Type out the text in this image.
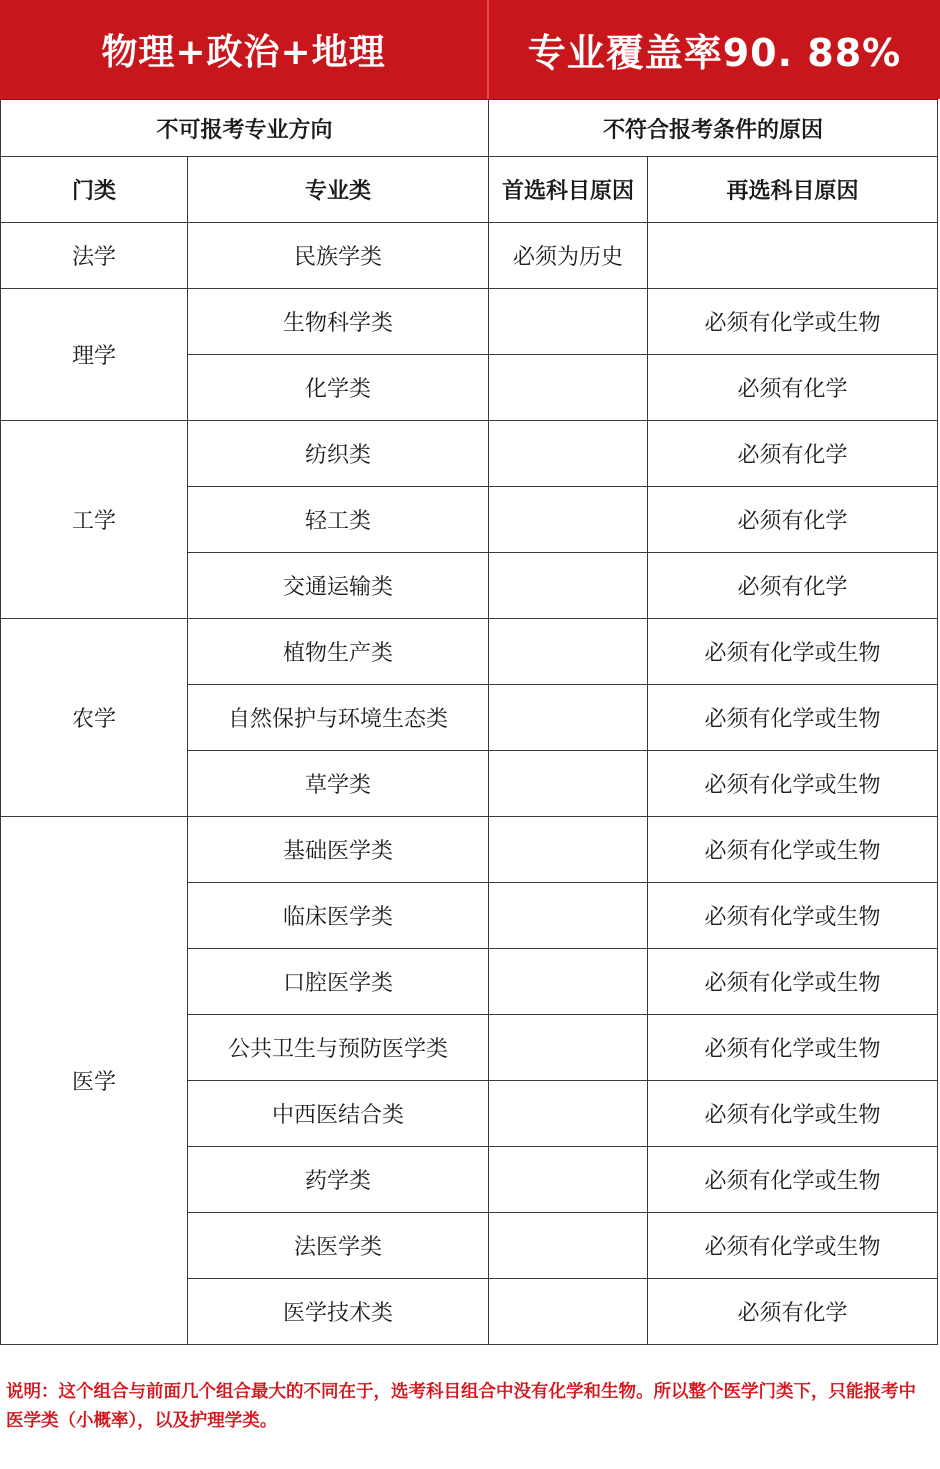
物理+政治+地理	专业覆盖率90. 88%
不可报考专业方向		不符合报考条件的原因	
门类	专业类	首选科目原因	再选科目原因
法学	民族学类	必须为历史	
理学	生物科学类		必须有化学或生物
	化学类		必须有化学
工学	纺织类		必须有化学
	轻工类		必须有化学
	交通运输类		必须有化学
农学	植物生产类		必须有化学或生物
	自然保护与环境生态类		必须有化学或生物
	草学类		必须有化学或生物
医学	基础医学类		必须有化学或生物
	临床医学类		必须有化学或生物
	口腔医学类		必须有化学或生物
	公共卫生与预防医学类		必须有化学或生物
	中西医结合类		必须有化学或生物
	药学类		必须有化学或生物
	法医学类		必须有化学或生物
	医学技术类		必须有化学
说明：这个组合与前面几个组合最大的不同在于，选考科目组合中没有化学和生物。所以整个医学门类下，只能报考中医学类（小概率），以及护理学类。
